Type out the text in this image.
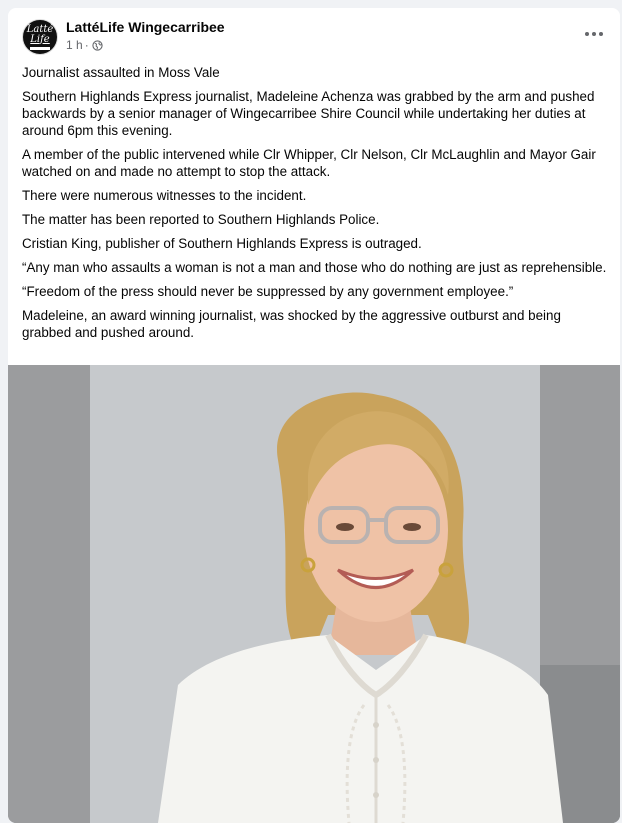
Latté
Life
LattéLife Wingecarribee
1 h ·

Journalist assaulted in Moss Vale

Southern Highlands Express journalist, Madeleine Achenza was grabbed by the arm and pushed backwards by a senior manager of Wingecarribee Shire Council while undertaking her duties at around 6pm this evening.

A member of the public intervened while Clr Whipper, Clr Nelson, Clr McLaughlin and Mayor Gair watched on and made no attempt to stop the attack.

There were numerous witnesses to the incident.

The matter has been reported to Southern Highlands Police.

Cristian King, publisher of Southern Highlands Express is outraged.

“Any man who assaults a woman is not a man and those who do nothing are just as reprehensible.

“Freedom of the press should never be suppressed by any government employee.”

Madeleine, an award winning journalist, was shocked by the aggressive outburst and being grabbed and pushed around.
